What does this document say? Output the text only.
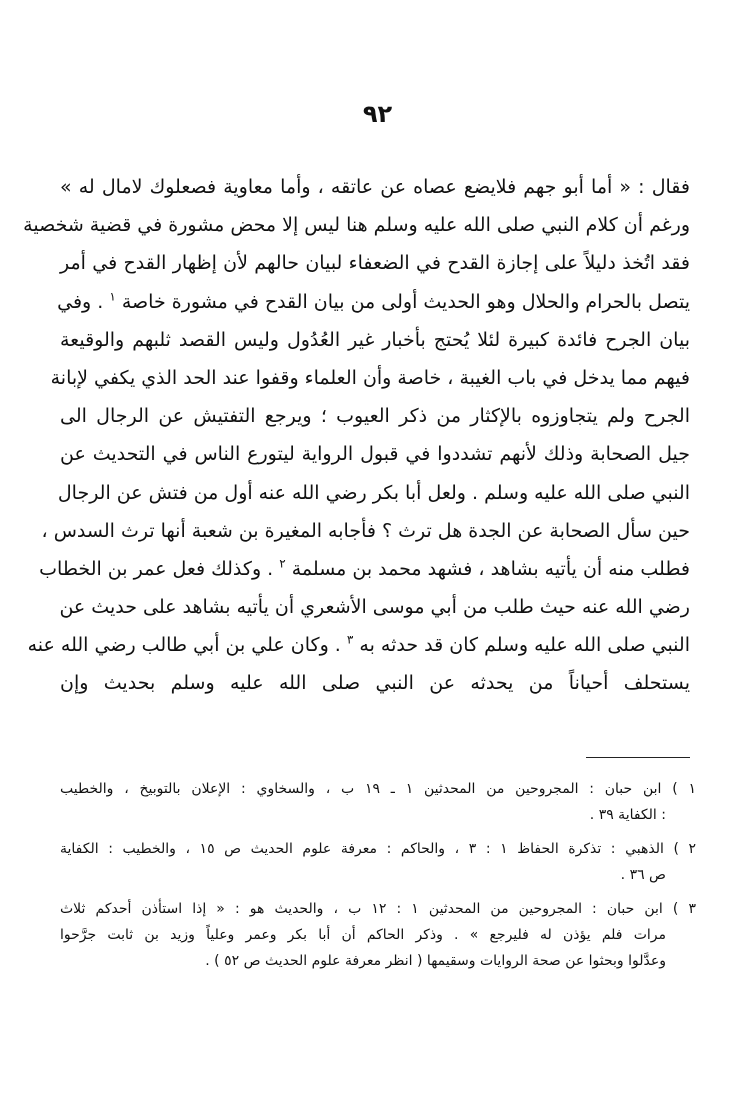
٩٢
فقال : « أما أبو جهم فلايضع عصاه عن عاتقه ، وأما معاوية فصعلوك لامال له »
ورغم أن كلام النبي صلى الله عليه وسلم هنا ليس إلا محض مشورة في قضية شخصية
فقد اتُخذ دليلاً على إجازة القدح في الضعفاء لبيان حالهم لأن إظهار القدح في أمر
يتصل بالحرام والحلال وهو الحديث أولى من بيان القدح في مشورة خاصة $^١$ . وفي
بيان الجرح فائدة كبيرة لئلا يُحتج بأخبار غير العُدُول وليس القصد ثلبهم والوقيعة
فيهم مما يدخل في باب الغيبة ، خاصة وأن العلماء وقفوا عند الحد الذي يكفي لإبانة
الجرح ولم يتجاوزوه بالإكثار من ذكر العيوب ؛ ويرجع التفتيش عن الرجال الى
جيل الصحابة وذلك لأنهم تشددوا في قبول الرواية ليتورع الناس في التحديث عن
النبي صلى الله عليه وسلم . ولعل أبا بكر رضي الله عنه أول من فتش عن الرجال
حين سأل الصحابة عن الجدة هل ترث ؟ فأجابه المغيرة بن شعبة أنها ترث السدس ،
فطلب منه أن يأتيه بشاهد ، فشهد محمد بن مسلمة $^٢$ . وكذلك فعل عمر بن الخطاب
رضي الله عنه حيث طلب من أبي موسى الأشعري أن يأتيه بشاهد على حديث عن
النبي صلى الله عليه وسلم كان قد حدثه به $^٣$ . وكان علي بن أبي طالب رضي الله عنه
يستحلف أحياناً من يحدثه عن النبي صلى الله عليه وسلم بحديث وإن
١ ) ابن حبان : المجروحين من المحدثين ١ ـ ١٩ ب ، والسخاوي : الإعلان بالتوبيخ ، والخطيب
: الكفاية ٣٩ .
٢ ) الذهبي : تذكرة الحفاظ ١ : ٣ ، والحاكم : معرفة علوم الحديث ص ١٥ ، والخطيب : الكفاية
ص ٣٦ .
٣ ) ابن حبان : المجروحين من المحدثين ١ : ١٢ ب ، والحديث هو : « إذا استأذن أحدكم ثلاث
مرات فلم يؤذن له فليرجع » . وذكر الحاكم أن أبا بكر وعمر وعلياً وزيد بن ثابت جرَّحوا
وعدَّلوا وبحثوا عن صحة الروايات وسقيمها ( انظر معرفة علوم الحديث ص ٥٢ ) .
